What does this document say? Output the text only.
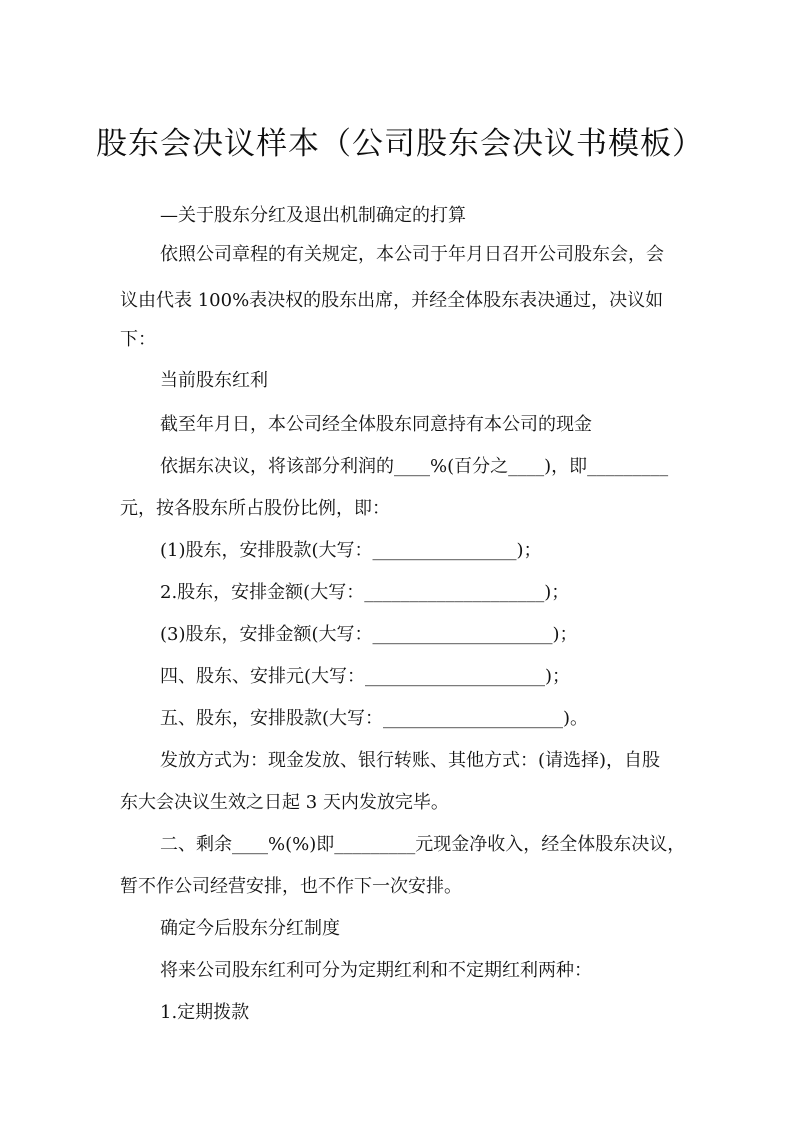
股东会决议样本（公司股东会决议书模板）
—关于股东分红及退出机制确定的打算
依照公司章程的有关规定，本公司于年月日召开公司股东会，会
议由代表 100%表决权的股东出席，并经全体股东表决通过，决议如
下：
当前股东红利
截至年月日，本公司经全体股东同意持有本公司的现金
依据东决议，将该部分利润的____%(百分之____)，即_________
元，按各股东所占股份比例，即：
(1)股东，安排股款(大写：________________)；
2.股东，安排金额(大写：____________________)；
(3)股东，安排金额(大写：____________________)；
四、股东、安排元(大写：____________________)；
五、股东，安排股款(大写：____________________)。
发放方式为：现金发放、银行转账、其他方式：(请选择)，自股
东大会决议生效之日起 3 天内发放完毕。
二、剩余____%(%)即_________元现金净收入，经全体股东决议，
暂不作公司经营安排，也不作下一次安排。
确定今后股东分红制度
将来公司股东红利可分为定期红利和不定期红利两种：
1.定期拨款
